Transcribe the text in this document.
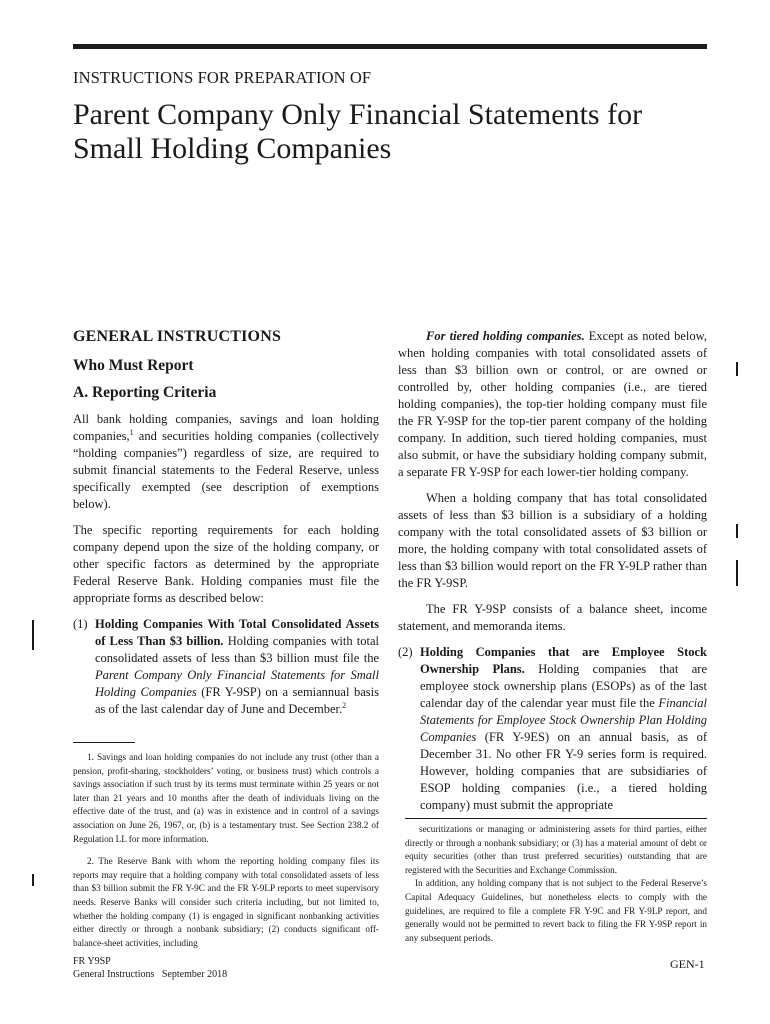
INSTRUCTIONS FOR PREPARATION OF
Parent Company Only Financial Statements for
Small Holding Companies
GENERAL INSTRUCTIONS
Who Must Report
A. Reporting Criteria

All bank holding companies, savings and loan holding companies,$^1$ and securities holding companies (collectively “holding companies”) regardless of size, are required to submit financial statements to the Federal Reserve, unless specifically exempted (see description of exemptions below).

The specific reporting requirements for each holding company depend upon the size of the holding company, or other specific factors as determined by the appropriate Federal Reserve Bank. Holding companies must file the appropriate forms as described below:

(1) Holding Companies With Total Consolidated Assets of Less Than $3 billion. Holding companies with total consolidated assets of less than $3 billion must file the Parent Company Only Financial Statements for Small Holding Companies (FR Y-9SP) on a semiannual basis as of the last calendar day of June and December.$^2$

1. Savings and loan holding companies do not include any trust (other than a pension, profit-sharing, stockholders’ voting, or business trust) which controls a savings association if such trust by its terms must terminate within 25 years or not later than 21 years and 10 months after the death of individuals living on the effective date of the trust, and (a) was in existence and in control of a savings association on June 26, 1967, or, (b) is a testamentary trust. See Section 238.2 of Regulation LL for more information.

2. The Reserve Bank with whom the reporting holding company files its reports may require that a holding company with total consolidated assets of less than $3 billion submit the FR Y-9C and the FR Y-9LP reports to meet supervisory needs. Reserve Banks will consider such criteria including, but not limited to, whether the holding company (1) is engaged in significant nonbanking activities either directly or through a nonbank subsidiary; (2) conducts significant off-balance-sheet activities, including

For tiered holding companies. Except as noted below, when holding companies with total consolidated assets of less than $3 billion own or control, or are owned or controlled by, other holding companies (i.e., are tiered holding companies), the top-tier holding company must file the FR Y-9SP for the top-tier parent company of the holding company. In addition, such tiered holding companies, must also submit, or have the subsidiary holding company submit, a separate FR Y-9SP for each lower-tier holding company.

When a holding company that has total consolidated assets of less than $3 billion is a subsidiary of a holding company with the total consolidated assets of $3 billion or more, the holding company with total consolidated assets of less than $3 billion would report on the FR Y-9LP rather than the FR Y-9SP.

The FR Y-9SP consists of a balance sheet, income statement, and memoranda items.

(2) Holding Companies that are Employee Stock Ownership Plans. Holding companies that are employee stock ownership plans (ESOPs) as of the last calendar day of the calendar year must file the Financial Statements for Employee Stock Ownership Plan Holding Companies (FR Y-9ES) on an annual basis, as of December 31. No other FR Y-9 series form is required. However, holding companies that are subsidiaries of ESOP holding companies (i.e., a tiered holding company) must submit the appropriate

securitizations or managing or administering assets for third parties, either directly or through a nonbank subsidiary; or (3) has a material amount of debt or equity securities (other than trust preferred securities) outstanding that are registered with the Securities and Exchange Commission.

In addition, any holding company that is not subject to the Federal Reserve’s Capital Adequacy Guidelines, but nonetheless elects to comply with the guidelines, are required to file a complete FR Y-9C and FR Y-9LP report, and generally would not be permitted to revert back to filing the FR Y-9SP report in any subsequent periods.

FR Y9SP
General Instructions   September 2018
GEN-1
